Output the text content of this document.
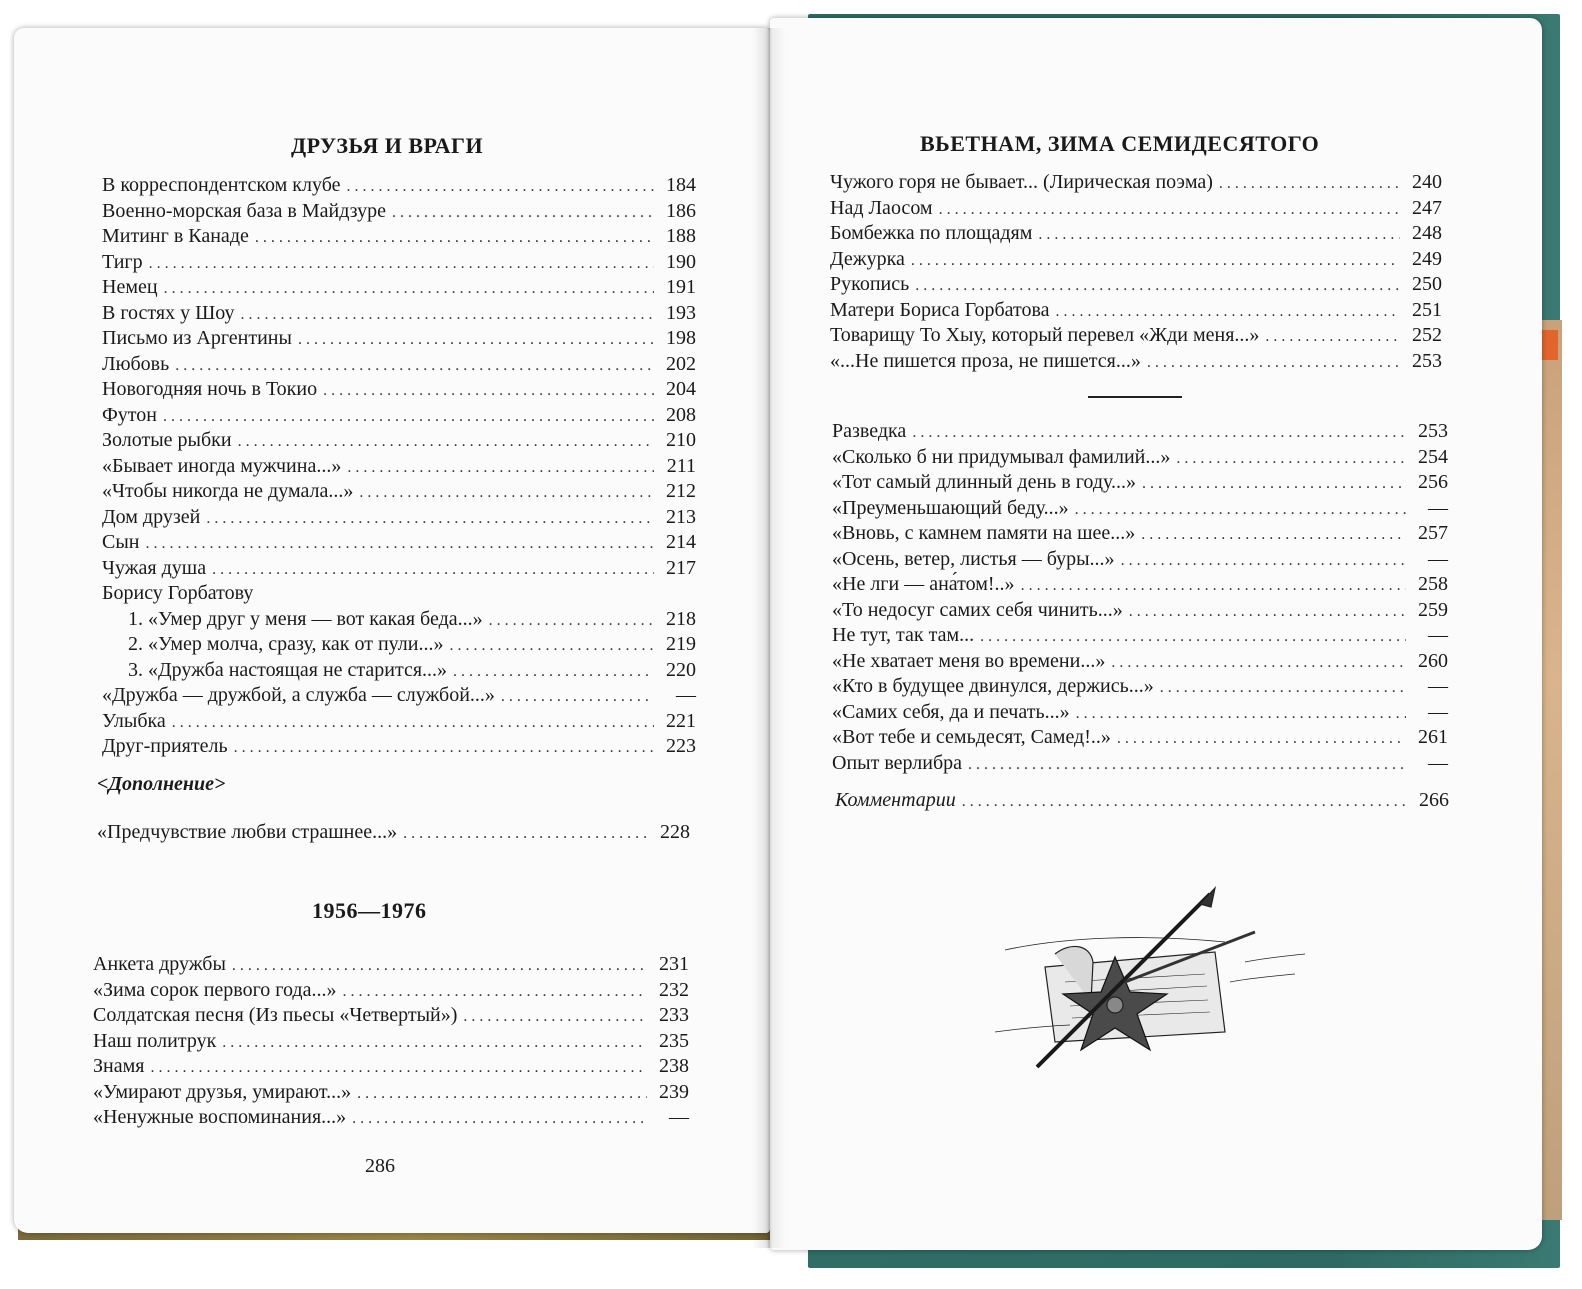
ДРУЗЬЯ И ВРАГИ
В корреспондентском клубе .....	184
Военно-морская база в Майдзуре .....	186
Митинг в Канаде .....	188
Тигр .....	190
Немец .....	191
В гостях у Шоу .....	193
Письмо из Аргентины .....	198
Любовь .....	202
Новогодняя ночь в Токио .....	204
Футон .....	208
Золотые рыбки .....	210
«Бывает иногда мужчина...» .....	211
«Чтобы никогда не думала...» .....	212
Дом друзей .....	213
Сын .....	214
Чужая душа .....	217
Борису Горбатову
1. «Умер друг у меня — вот какая беда...» .....	218
2. «Умер молча, сразу, как от пули...» .....	219
3. «Дружба настоящая не старится...» .....	220
«Дружба — дружбой, а служба — службой...» .....	—
Улыбка .....	221
Друг-приятель .....	223
<Дополнение>
«Предчувствие любви страшнее...» .....	228
1956—1976
Анкета дружбы .....	231
«Зима сорок первого года...» .....	232
Солдатская песня (Из пьесы «Четвертый») .....	233
Наш политрук .....	235
Знамя .....	238
«Умирают друзья, умирают...» .....	239
«Ненужные воспоминания...» .....	—
286
ВЬЕТНАМ, ЗИМА СЕМИДЕСЯТОГО
Чужого горя не бывает... (Лирическая поэма) .....	240
Над Лаосом .....	247
Бомбежка по площадям .....	248
Дежурка .....	249
Рукопись .....	250
Матери Бориса Горбатова .....	251
Товарищу То Хыу, который перевел «Жди меня...» .....	252
«...Не пишется проза, не пишется...» .....	253
Разведка .....	253
«Сколько б ни придумывал фамилий...» .....	254
«Тот самый длинный день в году...» .....	256
«Преуменьшающий беду...» .....	—
«Вновь, с камнем памяти на шее...» .....	257
«Осень, ветер, листья — буры...» .....	—
«Не лги — ана́том!..» .....	258
«То недосуг самих себя чинить...» .....	259
Не тут, так там... .....	—
«Не хватает меня во времени...» .....	260
«Кто в будущее двинулся, держись...» .....	—
«Самих себя, да и печать...» .....	—
«Вот тебе и семьдесят, Самед!..» .....	261
Опыт верлибра .....	—
Комментарии .....	266
